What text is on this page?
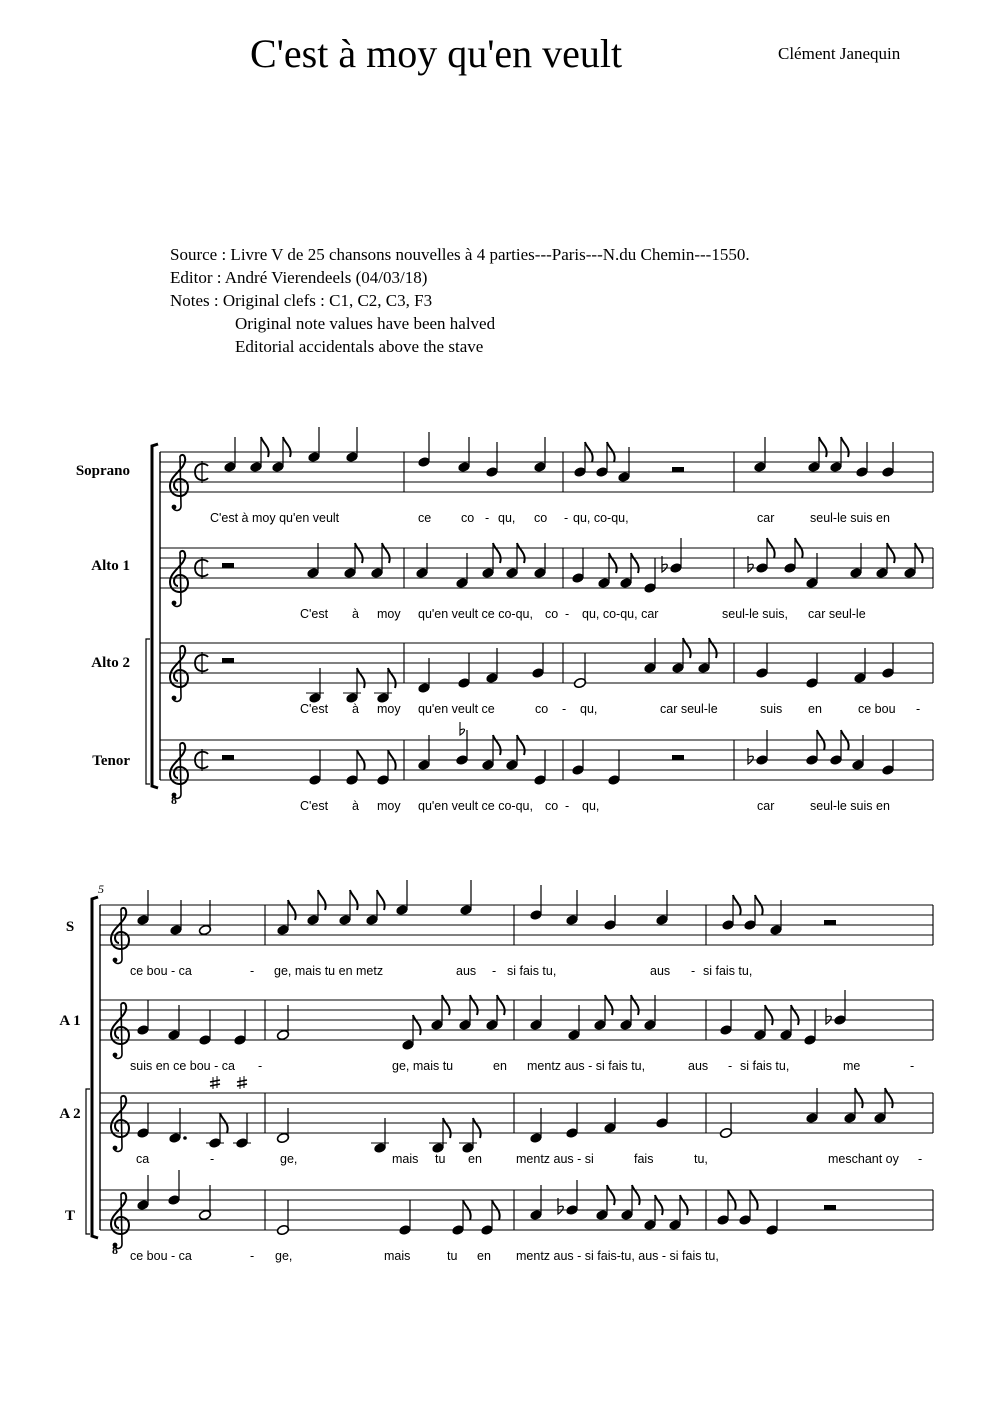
C'est à moy qu'en veult	Clément Janequin
Source : Livre V de 25 chansons nouvelles à 4 parties---Paris---N.du Chemin---1550.
Editor : André Vierendeels (04/03/18)
Notes : Original clefs : C1, C2, C3, F3
Original note values have been halved
Editorial accidentals above the stave
Soprano
C'est à moy qu'en veult	ce co - qu, co - qu, co-qu,	car	seul-le suis en
Alto 1
C'est à moy qu'en veult ce co-qu, co - qu, co-qu, car	seul-le suis, car seul-le
Alto 2
C'est à moy qu'en veult ce	co - qu,	car seul-le	suis en	ce bou -
8
Tenor
C'est à moy qu'en veult ce co-qu, co - qu,	car	seul-le suis en
S
ce bou - ca	- ge, mais tu en metz	aus - si fais tu,	aus - si fais tu,
A 1
suis en ce bou - ca -	ge, mais tu	en mentz aus - si fais tu,	aus - si fais tu,	me	-
A 2
ca	-	ge,	mais tu en	mentz aus - si	fais	tu,	meschant oy -
8
T
ce bou - ca	- ge,	mais	tu en mentz aus - si fais-tu, aus - si fais tu,
5
